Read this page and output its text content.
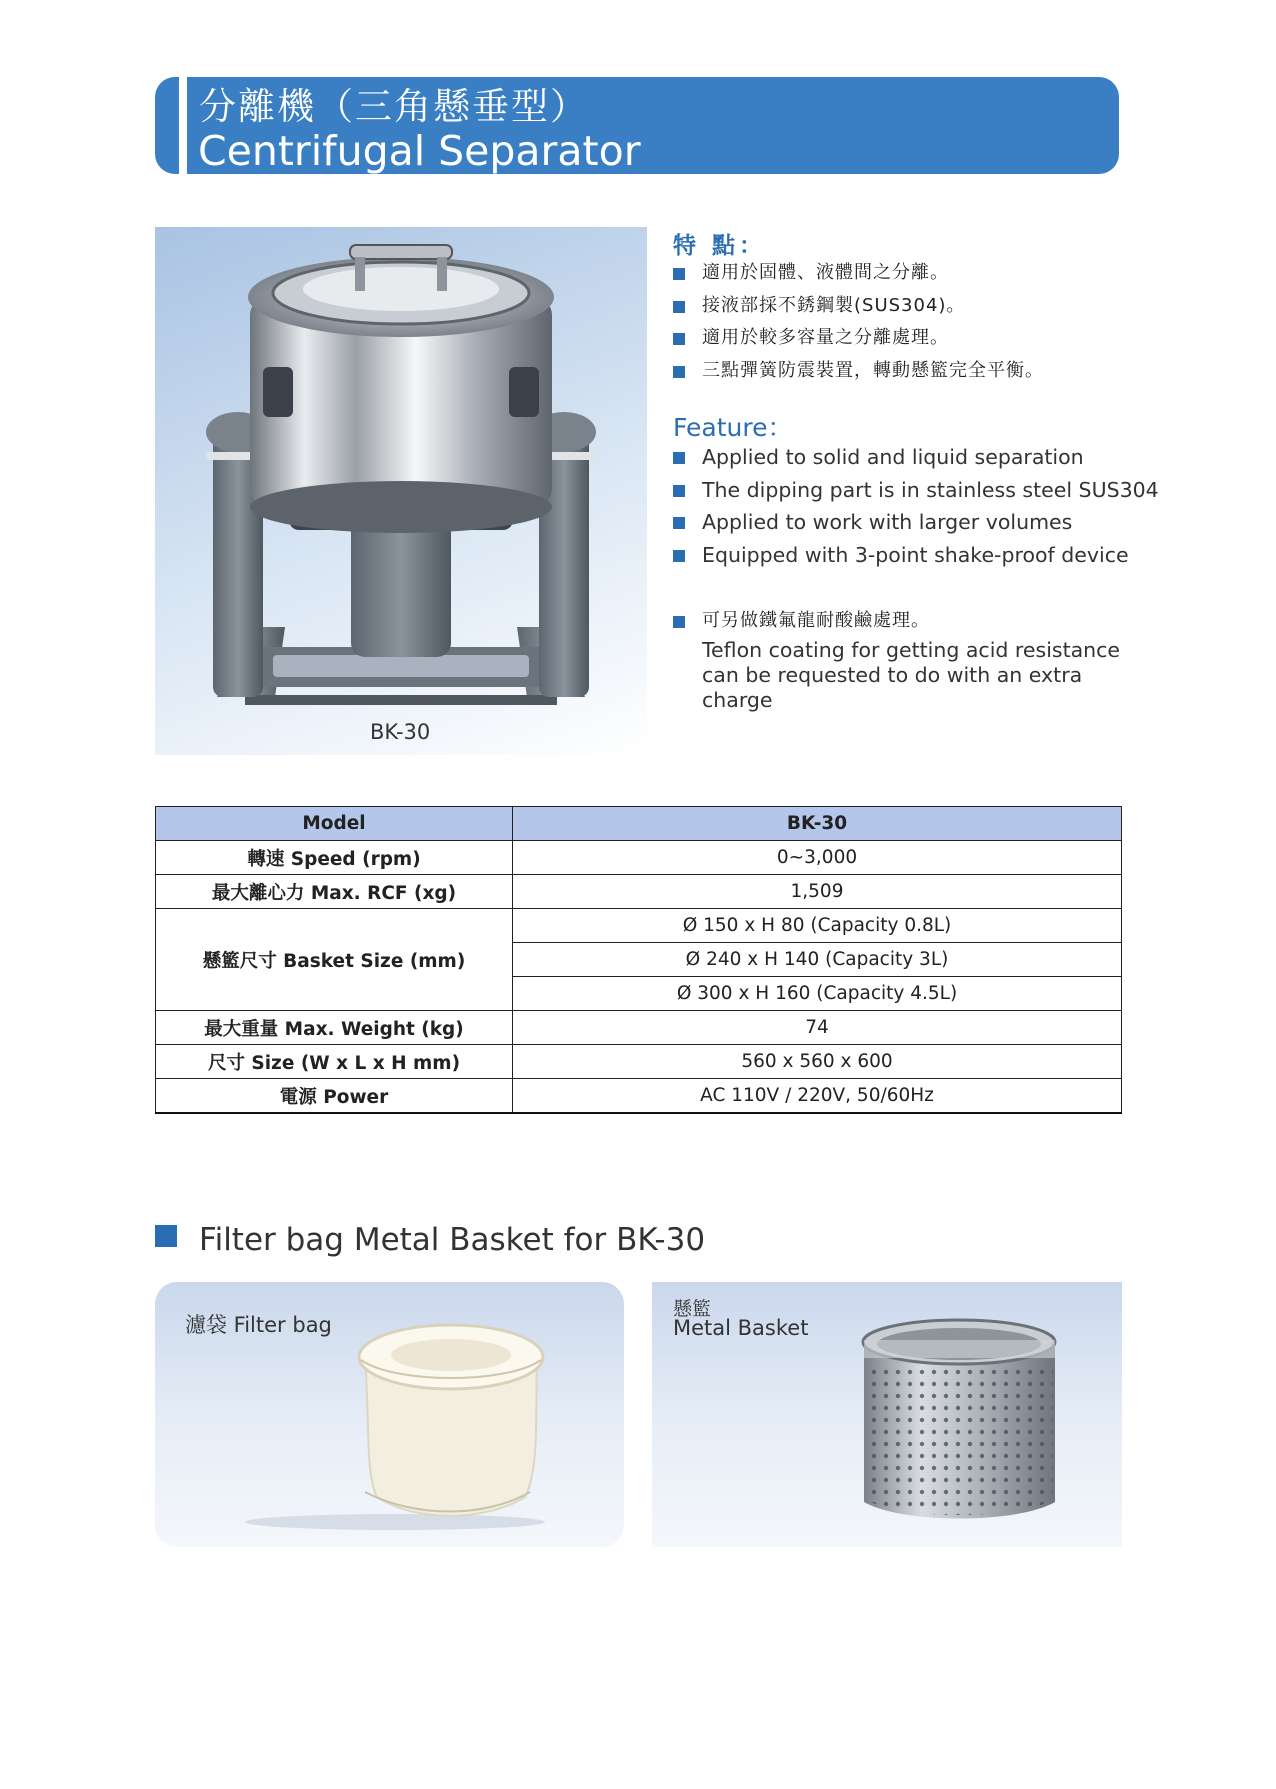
分離機（三角懸垂型）
Centrifugal Separator
BK-30
特 點：
適用於固體、液體間之分離。
接液部採不銹鋼製(SUS304)。
適用於較多容量之分離處理。
三點彈簧防震裝置，轉動懸籃完全平衡。
Feature：
Applied to solid and liquid separation
The dipping part is in stainless steel SUS304
Applied to work with larger volumes
Equipped with 3-point shake-proof device
可另做鐵氟龍耐酸鹼處理。
Teflon coating for getting acid resistance can be requested to do with an extra charge
Model	BK-30
轉速 Speed (rpm)	0~3,000
最大離心力 Max. RCF (xg)	1,509
懸籃尺寸 Basket Size (mm)	Ø 150 x H 80 (Capacity 0.8L)
	Ø 240 x H 140 (Capacity 3L)
	Ø 300 x H 160 (Capacity 4.5L)
最大重量 Max. Weight (kg)	74
尺寸 Size (W x L x H mm)	560 x 560 x 600
電源 Power	AC 110V / 220V, 50/60Hz
Filter bag Metal Basket for BK-30
濾袋 Filter bag
懸籃
Metal Basket
